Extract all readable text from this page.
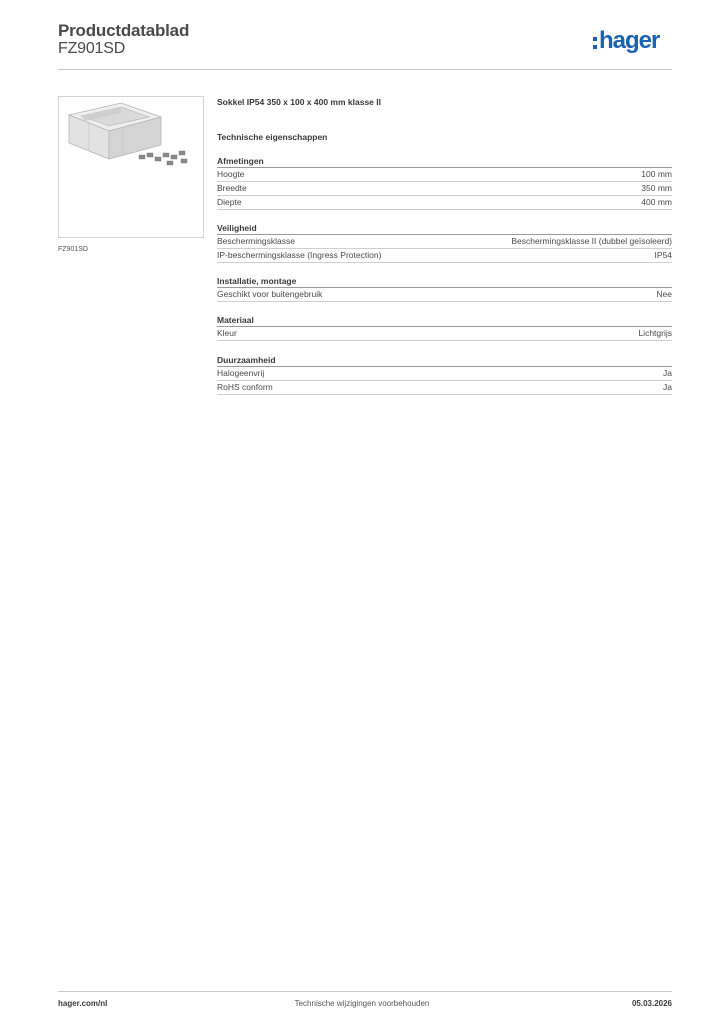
Productdatablad
FZ901SD	hager
FZ901SD
Sokkel IP54 350 x 100 x 400 mm klasse II
Technische eigenschappen
Afmetingen
Hoogte	100 mm
Breedte	350 mm
Diepte	400 mm
Veiligheid
Beschermingsklasse	Beschermingsklasse II (dubbel geïsoleerd)
IP-beschermingsklasse (Ingress Protection)	IP54
Installatie, montage
Geschikt voor buitengebruik	Nee
Materiaal
Kleur	Lichtgrijs
Duurzaamheid
Halogeenvrij	Ja
RoHS conform	Ja
hager.com/nl	Technische wijzigingen voorbehouden	05.03.2026
